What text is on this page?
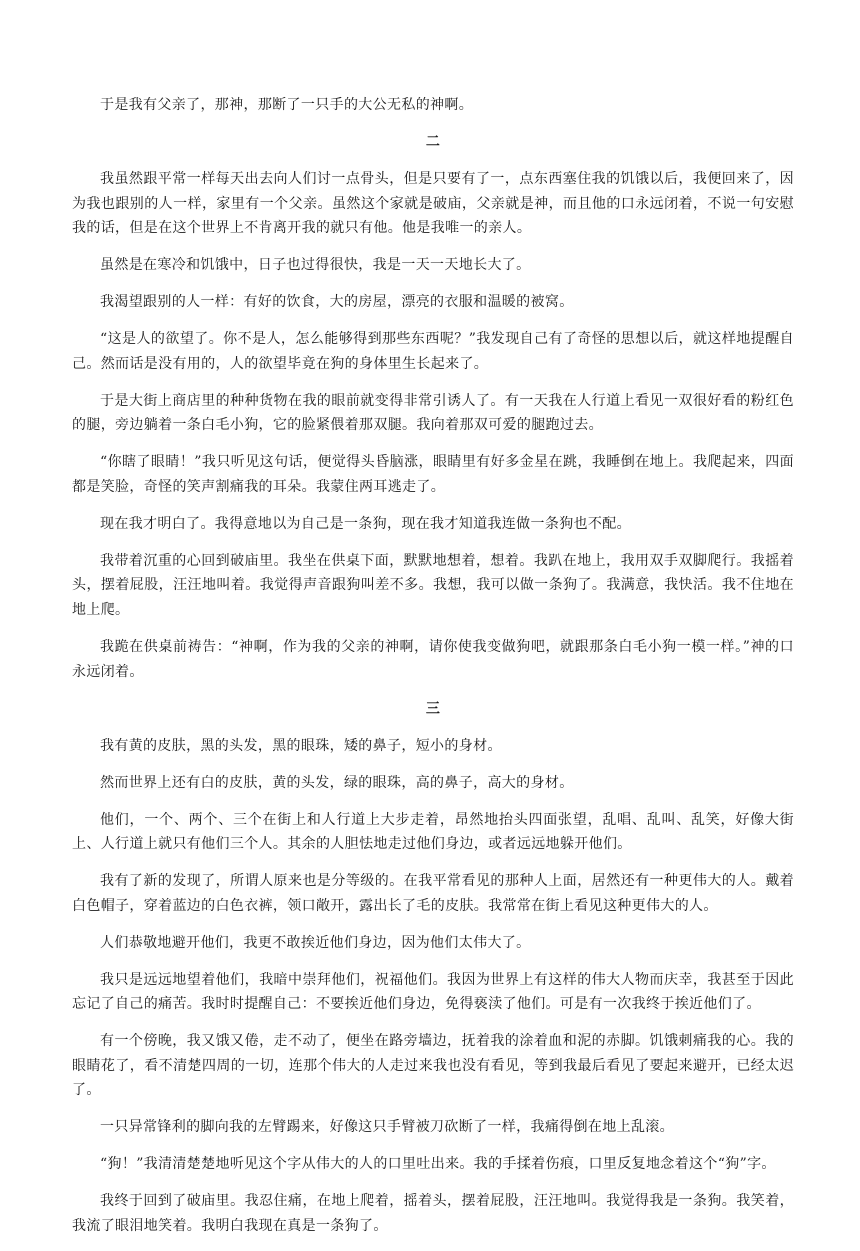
于是我有父亲了，那神，那断了一只手的大公无私的神啊。

二

我虽然跟平常一样每天出去向人们讨一点骨头，但是只要有了一，点东西塞住我的饥饿以后，我便回来了，因为我也跟别的人一样，家里有一个父亲。虽然这个家就是破庙，父亲就是神，而且他的口永远闭着，不说一句安慰我的话，但是在这个世界上不肯离开我的就只有他。他是我唯一的亲人。

虽然是在寒冷和饥饿中，日子也过得很快，我是一天一天地长大了。

我渴望跟别的人一样：有好的饮食，大的房屋，漂亮的衣服和温暖的被窝。

“这是人的欲望了。你不是人，怎么能够得到那些东西呢？”我发现自己有了奇怪的思想以后，就这样地提醒自己。然而话是没有用的，人的欲望毕竟在狗的身体里生长起来了。

于是大街上商店里的种种货物在我的眼前就变得非常引诱人了。有一天我在人行道上看见一双很好看的粉红色的腿，旁边躺着一条白毛小狗，它的脸紧偎着那双腿。我向着那双可爱的腿跑过去。

“你瞎了眼睛！”我只听见这句话，便觉得头昏脑涨，眼睛里有好多金星在跳，我睡倒在地上。我爬起来，四面都是笑脸，奇怪的笑声割痛我的耳朵。我蒙住两耳逃走了。

现在我才明白了。我得意地以为自己是一条狗，现在我才知道我连做一条狗也不配。

我带着沉重的心回到破庙里。我坐在供桌下面，默默地想着，想着。我趴在地上，我用双手双脚爬行。我摇着头，摆着屁股，汪汪地叫着。我觉得声音跟狗叫差不多。我想，我可以做一条狗了。我满意，我快活。我不住地在地上爬。

我跪在供桌前祷告：“神啊，作为我的父亲的神啊，请你使我变做狗吧，就跟那条白毛小狗一模一样。”神的口永远闭着。

三

我有黄的皮肤，黑的头发，黑的眼珠，矮的鼻子，短小的身材。

然而世界上还有白的皮肤，黄的头发，绿的眼珠，高的鼻子，高大的身材。

他们，一个、两个、三个在街上和人行道上大步走着，昂然地抬头四面张望，乱唱、乱叫、乱笑，好像大街上、人行道上就只有他们三个人。其余的人胆怯地走过他们身边，或者远远地躲开他们。

我有了新的发现了，所谓人原来也是分等级的。在我平常看见的那种人上面，居然还有一种更伟大的人。戴着白色帽子，穿着蓝边的白色衣裤，领口敞开，露出长了毛的皮肤。我常常在街上看见这种更伟大的人。

人们恭敬地避开他们，我更不敢挨近他们身边，因为他们太伟大了。

我只是远远地望着他们，我暗中崇拜他们，祝福他们。我因为世界上有这样的伟大人物而庆幸，我甚至于因此忘记了自己的痛苦。我时时提醒自己：不要挨近他们身边，免得亵渎了他们。可是有一次我终于挨近他们了。

有一个傍晚，我又饿又倦，走不动了，便坐在路旁墙边，抚着我的涂着血和泥的赤脚。饥饿刺痛我的心。我的眼睛花了，看不清楚四周的一切，连那个伟大的人走过来我也没有看见，等到我最后看见了要起来避开，已经太迟了。

一只异常锋利的脚向我的左臂踢来，好像这只手臂被刀砍断了一样，我痛得倒在地上乱滚。

“狗！”我清清楚楚地听见这个字从伟大的人的口里吐出来。我的手揉着伤痕，口里反复地念着这个“狗”字。

我终于回到了破庙里。我忍住痛，在地上爬着，摇着头，摆着屁股，汪汪地叫。我觉得我是一条狗。我笑着，我流了眼泪地笑着。我明白我现在真是一条狗了。
